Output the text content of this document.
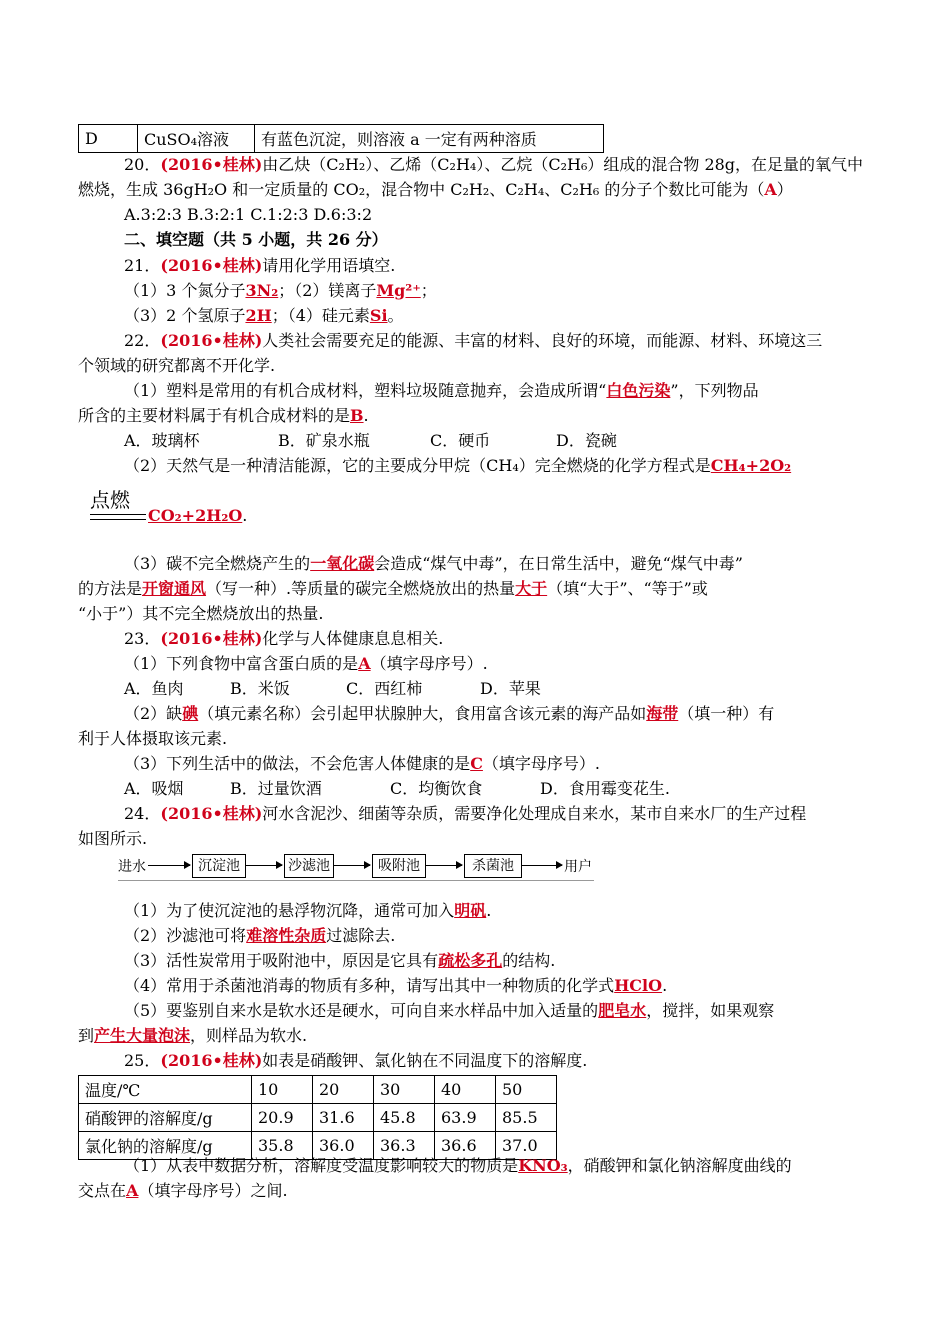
D	CuSO₄溶液	有蓝色沉淀，则溶液 a 一定有两种溶质
20．(2016•桂林)由乙炔（C₂H₂）、乙烯（C₂H₄）、乙烷（C₂H₆）组成的混合物 28g，在足量的氧气中
燃烧，生成 36gH₂O 和一定质量的 CO₂，混合物中 C₂H₂、C₂H₄、C₂H₆ 的分子个数比可能为（A）
A.3:2:3 B.3:2:1 C.1:2:3 D.6:3:2
二、填空题（共 5 小题，共 26 分）
21．(2016•桂林)请用化学用语填空.
（1）3 个氮分子3N₂；（2）镁离子Mg²⁺；
（3）2 个氢原子2H；（4）硅元素Si。
22．(2016•桂林)人类社会需要充足的能源、丰富的材料、良好的环境，而能源、材料、环境这三
个领域的研究都离不开化学.
（1）塑料是常用的有机合成材料，塑料垃圾随意抛弃，会造成所谓“白色污染”，下列物品
所含的主要材料属于有机合成材料的是B.
A．玻璃杯	B．矿泉水瓶	C．硬币	D．瓷碗
（2）天然气是一种清洁能源，它的主要成分甲烷（CH₄）完全燃烧的化学方程式是CH₄+2O₂
点燃
CO₂+2H₂O.
（3）碳不完全燃烧产生的一氧化碳会造成“煤气中毒”，在日常生活中，避免“煤气中毒”
的方法是开窗通风（写一种）.等质量的碳完全燃烧放出的热量大于（填“大于”、“等于”或
“小于”）其不完全燃烧放出的热量.
23．(2016•桂林)化学与人体健康息息相关.
（1）下列食物中富含蛋白质的是A（填字母序号）.
A．鱼肉	B．米饭	C．西红柿	D．苹果
（2）缺碘（填元素名称）会引起甲状腺肿大，食用富含该元素的海产品如海带（填一种）有
利于人体摄取该元素.
（3）下列生活中的做法，不会危害人体健康的是C（填字母序号）.
A．吸烟	B．过量饮酒	C．均衡饮食	D．食用霉变花生.
24．(2016•桂林)河水含泥沙、细菌等杂质，需要净化处理成自来水，某市自来水厂的生产过程
如图所示.
进水	沉淀池	沙滤池	吸附池	杀菌池	用户
（1）为了使沉淀池的悬浮物沉降，通常可加入明矾.
（2）沙滤池可将难溶性杂质过滤除去.
（3）活性炭常用于吸附池中，原因是它具有疏松多孔的结构.
（4）常用于杀菌池消毒的物质有多种，请写出其中一种物质的化学式HClO.
（5）要鉴别自来水是软水还是硬水，可向自来水样品中加入适量的肥皂水，搅拌，如果观察
到产生大量泡沫，则样品为软水.
25．(2016•桂林)如表是硝酸钾、氯化钠在不同温度下的溶解度.
温度/℃	10	20	30	40	50
硝酸钾的溶解度/g	20.9	31.6	45.8	63.9	85.5
氯化钠的溶解度/g	35.8	36.0	36.3	36.6	37.0
（1）从表中数据分析，溶解度受温度影响较大的物质是KNO₃，硝酸钾和氯化钠溶解度曲线的
交点在A（填字母序号）之间.
